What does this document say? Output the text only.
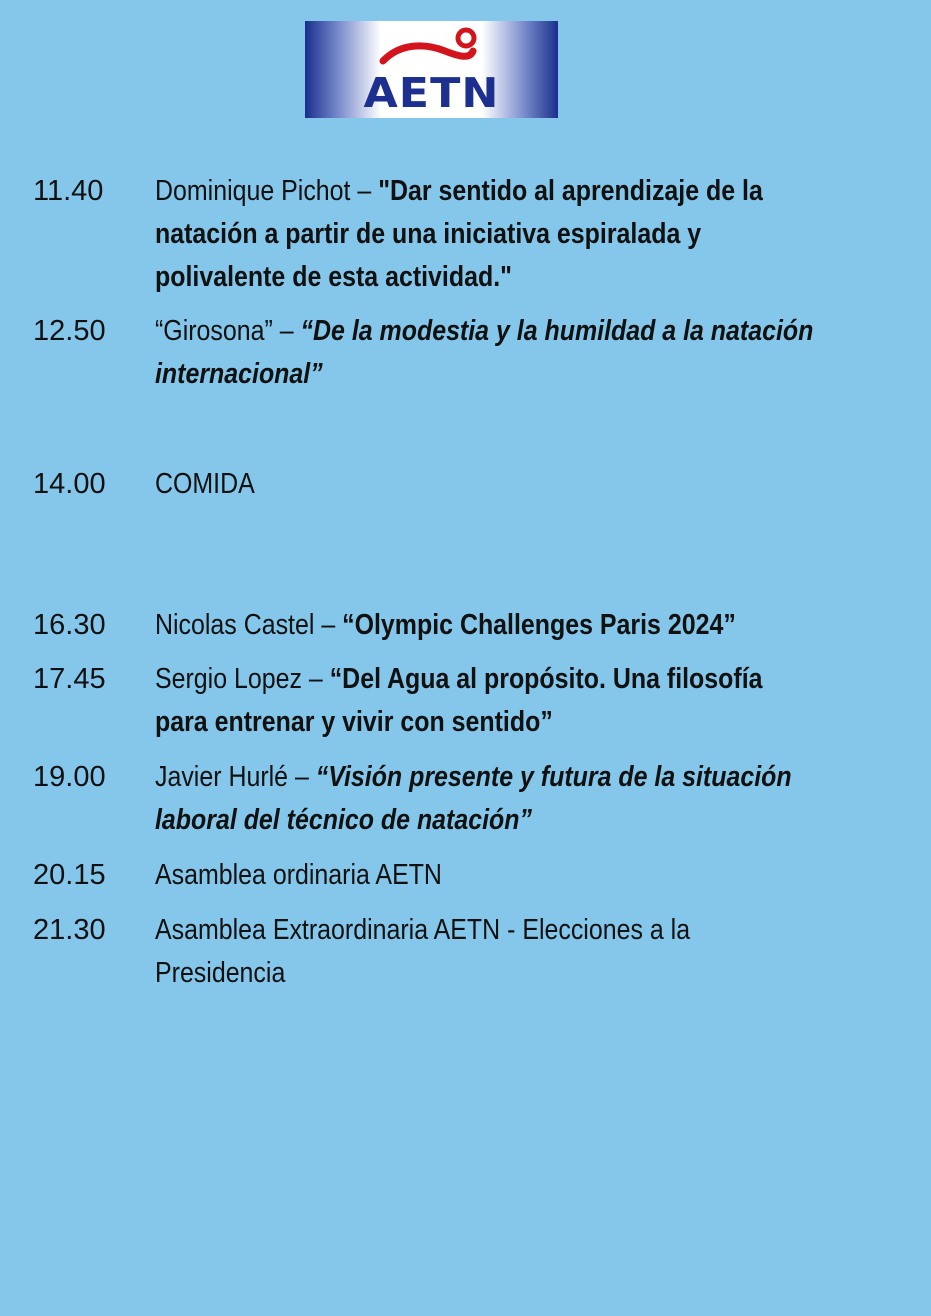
AETN
11.40 Dominique Pichot – "Dar sentido al aprendizaje de la
natación a partir de una iniciativa espiralada y
polivalente de esta actividad."
12.50 “Girosona” – “De la modestia y la humildad a la natación
internacional”
14.00 COMIDA
16.30 Nicolas Castel – “Olympic Challenges Paris 2024”
17.45 Sergio Lopez – “Del Agua al propósito. Una filosofía
para entrenar y vivir con sentido”
19.00 Javier Hurlé – “Visión presente y futura de la situación
laboral del técnico de natación”
20.15 Asamblea ordinaria AETN
21.30 Asamblea Extraordinaria AETN - Elecciones a la
Presidencia
